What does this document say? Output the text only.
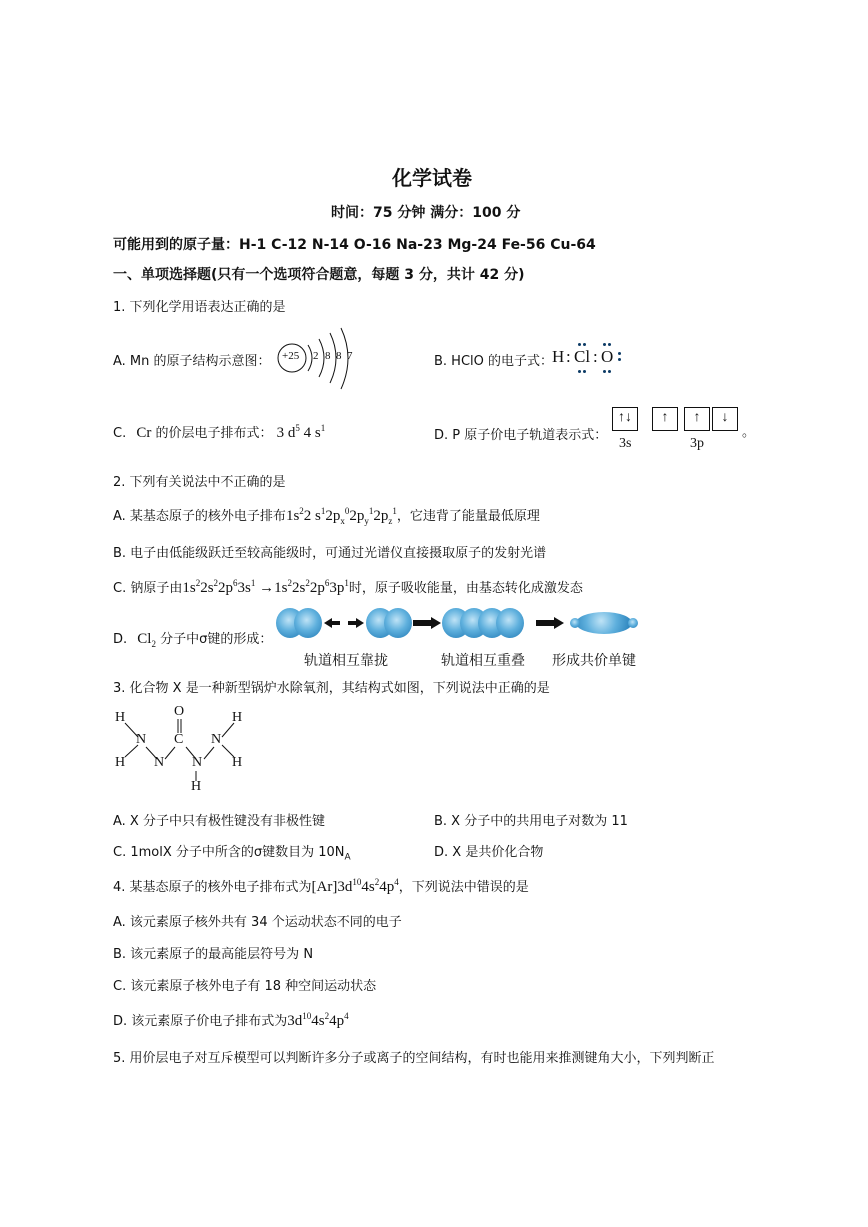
化学试卷
时间：75 分钟 满分：100 分
可能用到的原子量：H-1 C-12 N-14 O-16 Na-23 Mg-24 Fe-56 Cu-64
一、单项选择题(只有一个选项符合题意，每题 3 分，共计 42 分)
1. 下列化学用语表达正确的是
A. Mn 的原子结构示意图： +25 2 8 8 7	B. HClO 的电子式：
H : Cl : O
C. Cr 的价层电子排布式： 3 $d^5$ 4 $s^1$	D. P 原子价电子轨道表示式：
↑↓	↑	↑	↓
3s	3p
。
2. 下列有关说法中不正确的是
A. 某基态原子的核外电子排布$1s^22$ $s^12p_x^02p_y^12p_z^1$，它违背了能量最低原理
B. 电子由低能级跃迁至较高能级时，可通过光谱仪直接摄取原子的发射光谱
C. 钠原子由$1s^22s^22p^63s^1 \to 1s^22s^22p^63p^1$时，原子吸收能量，由基态转化成激发态
D. $Cl_2$ 分子中σ键的形成：
轨道相互靠拢	轨道相互重叠 形成共价单键
3. 化合物 X 是一种新型锅炉水除氧剂，其结构式如图，下列说法中正确的是
H
N
H N
O
C
N
H
N
H
H
A. X 分子中只有极性键没有非极性键	B. X 分子中的共用电子对数为 11
C. 1molX 分子中所含的σ键数目为 $10N_A$	D. X 是共价化合物
4. 某基态原子的核外电子排布式为$[Ar]3d^{10}4s^24p^4$，下列说法中错误的是
A. 该元素原子核外共有 34 个运动状态不同的电子
B. 该元素原子的最高能层符号为 N
C. 该元素原子核外电子有 18 种空间运动状态
D. 该元素原子价电子排布式为$3d^{10}4s^24p^4$
5. 用价层电子对互斥模型可以判断许多分子或离子的空间结构，有时也能用来推测键角大小，下列判断正
